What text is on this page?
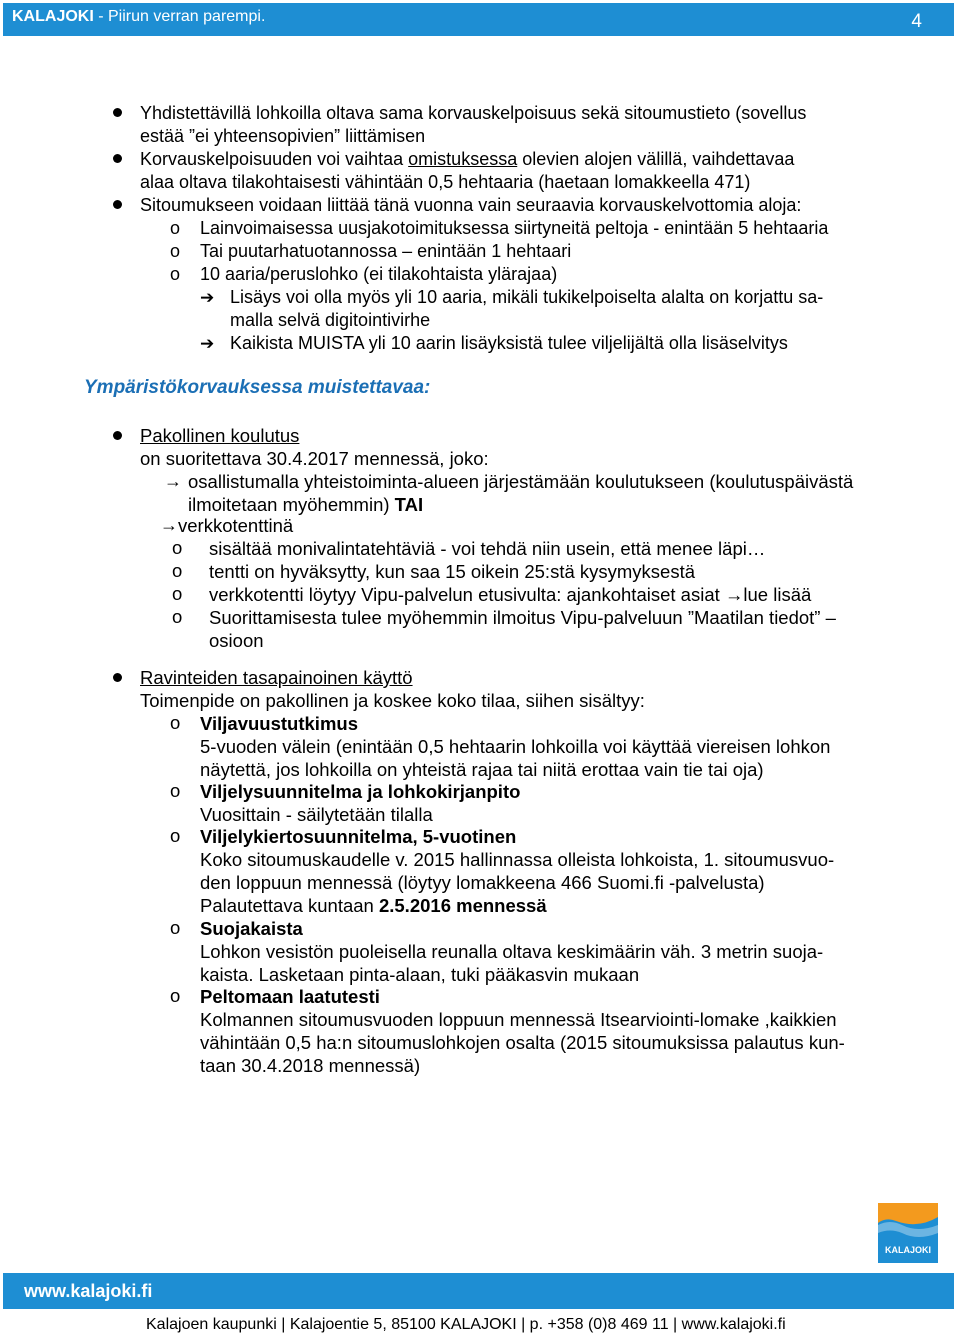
KALAJOKI - Piirun verran parempi.	4
Yhdistettävillä lohkoilla oltava sama korvauskelpoisuus sekä sitoumustieto (sovellus
estää ”ei yhteensopivien” liittämisen
Korvauskelpoisuuden voi vaihtaa omistuksessa olevien alojen välillä, vaihdettavaa
alaa oltava tilakohtaisesti vähintään 0,5 hehtaaria (haetaan lomakkeella 471)
Sitoumukseen voidaan liittää tänä vuonna vain seuraavia korvauskelvottomia aloja:
o Lainvoimaisessa uusjakotoimituksessa siirtyneitä peltoja - enintään 5 hehtaaria
o Tai puutarhatuotannossa – enintään 1 hehtaari
o 10 aaria/peruslohko (ei tilakohtaista ylärajaa)
➔ Lisäys voi olla myös yli 10 aaria, mikäli tukikelpoiselta alalta on korjattu sa-
malla selvä digitointivirhe
➔ Kaikista MUISTA yli 10 aarin lisäyksistä tulee viljelijältä olla lisäselvitys
Ympäristökorvauksessa muistettavaa:
Pakollinen koulutus
on suoritettava 30.4.2017 mennessä, joko:
→ osallistumalla yhteistoiminta-alueen järjestämään koulutukseen (koulutuspäivästä
ilmoitetaan myöhemmin) TAI
→ verkkotenttinä
o sisältää monivalintatehtäviä - voi tehdä niin usein, että menee läpi…
o tentti on hyväksytty, kun saa 15 oikein 25:stä kysymyksestä
o verkkotentti löytyy Vipu-palvelun etusivulta: ajankohtaiset asiat →lue lisää
o Suorittamisesta tulee myöhemmin ilmoitus Vipu-palveluun ”Maatilan tiedot” –
osioon
Ravinteiden tasapainoinen käyttö
Toimenpide on pakollinen ja koskee koko tilaa, siihen sisältyy:
o Viljavuustutkimus
5-vuoden välein (enintään 0,5 hehtaarin lohkoilla voi käyttää viereisen lohkon
näytettä, jos lohkoilla on yhteistä rajaa tai niitä erottaa vain tie tai oja)
o Viljelysuunnitelma ja lohkokirjanpito
Vuosittain - säilytetään tilalla
o Viljelykiertosuunnitelma, 5-vuotinen
Koko sitoumuskaudelle v. 2015 hallinnassa olleista lohkoista, 1. sitoumusvuo-
den loppuun mennessä (löytyy lomakkeena 466 Suomi.fi -palvelusta)
Palautettava kuntaan 2.5.2016 mennessä
o Suojakaista
Lohkon vesistön puoleisella reunalla oltava keskimäärin väh. 3 metrin suoja-
kaista. Lasketaan pinta-alaan, tuki pääkasvin mukaan
o Peltomaan laatutesti
Kolmannen sitoumusvuoden loppuun mennessä Itsearviointi-lomake ,kaikkien
vähintään 0,5 ha:n sitoumuslohkojen osalta (2015 sitoumuksissa palautus kun-
taan 30.4.2018 mennessä)
KALAJOKI
www.kalajoki.fi
Kalajoen kaupunki | Kalajoentie 5, 85100 KALAJOKI | p. +358 (0)8 469 11 | www.kalajoki.fi
